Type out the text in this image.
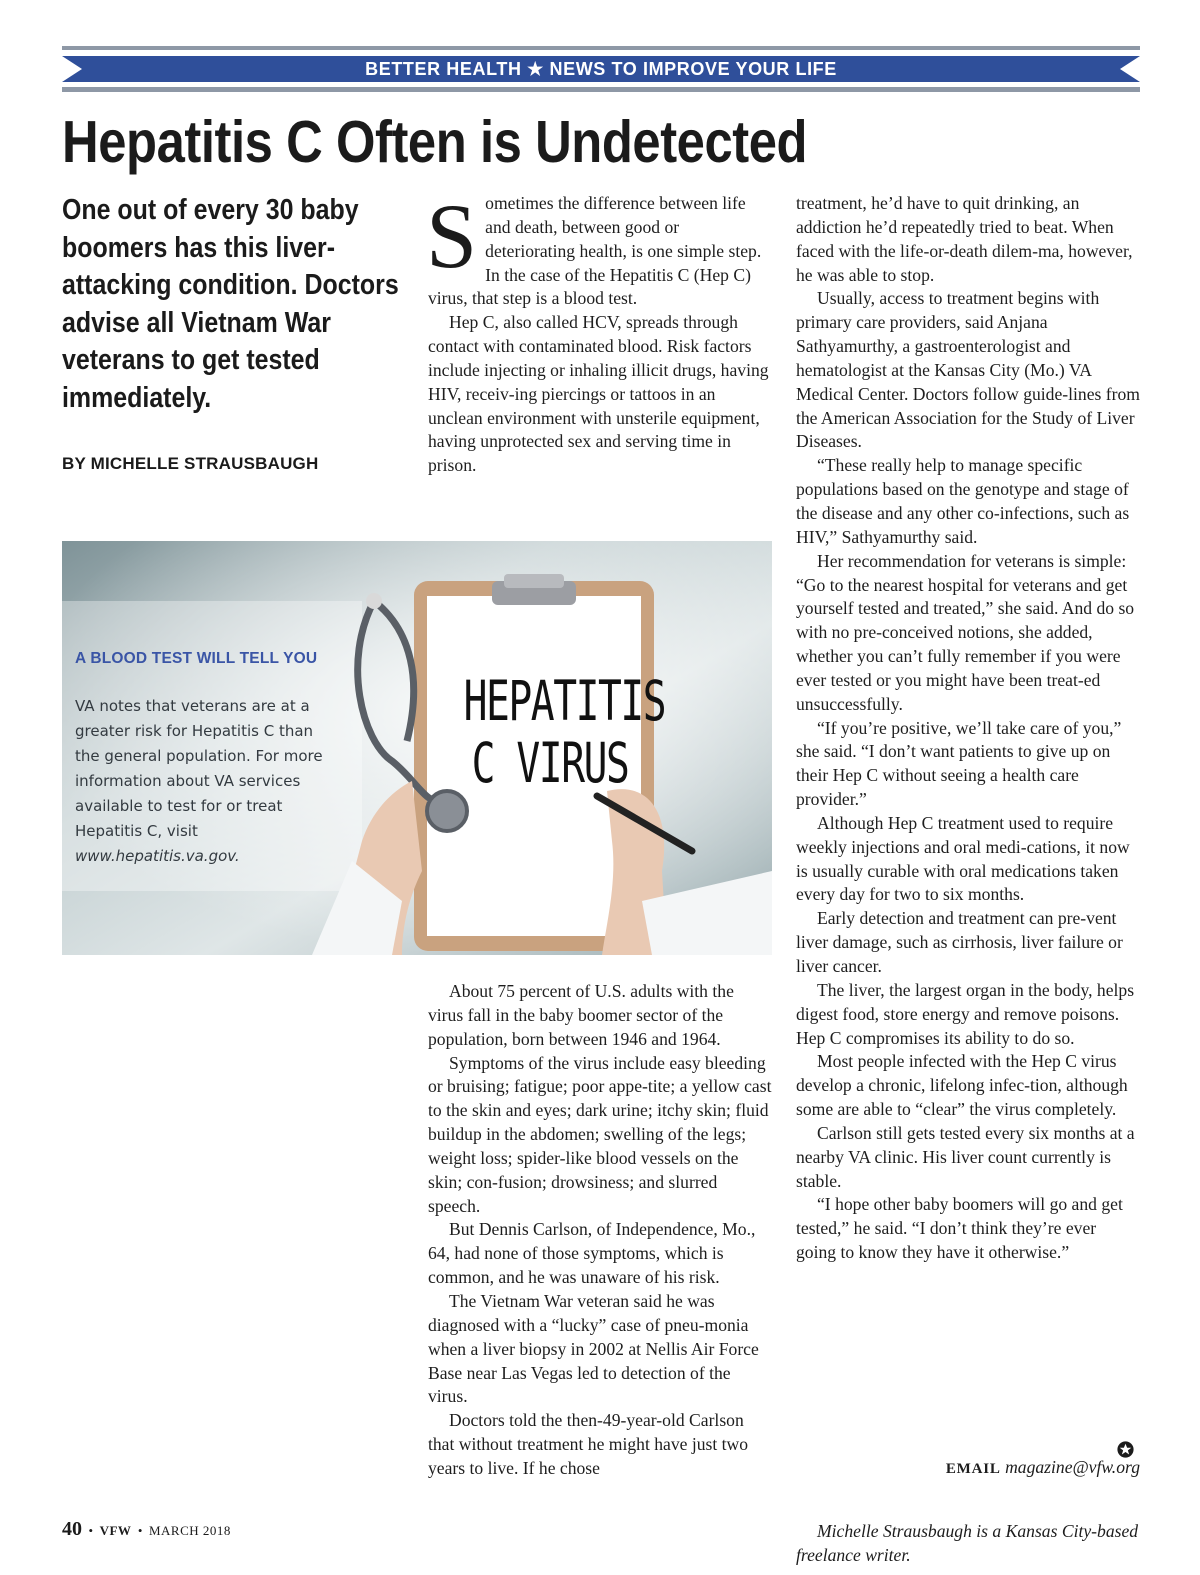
BETTER HEALTH ★ NEWS TO IMPROVE YOUR LIFE
Hepatitis C Often is Undetected
One out of every 30 baby boomers has this liver-attacking condition. Doctors advise all Vietnam War veterans to get tested immediately.
BY MICHELLE STRAUSBAUGH

Sometimes the difference between life and death, between good or deteriorating health, is one simple step. In the case of the Hepatitis C (Hep C) virus, that step is a blood test.

Hep C, also called HCV, spreads through contact with contaminated blood. Risk factors include injecting or inhaling illicit drugs, having HIV, receiv-ing piercings or tattoos in an unclean environment with unsterile equipment, having unprotected sex and serving time in prison.

HEPATITIS
C VIRUS
A BLOOD TEST WILL TELL YOU
VA notes that veterans are at a greater risk for Hepatitis C than the general population. For more information about VA services available to test for or treat Hepatitis C, visit www.hepatitis.va.gov.

About 75 percent of U.S. adults with the virus fall in the baby boomer sector of the population, born between 1946 and 1964.

Symptoms of the virus include easy bleeding or bruising; fatigue; poor appe-tite; a yellow cast to the skin and eyes; dark urine; itchy skin; fluid buildup in the abdomen; swelling of the legs; weight loss; spider-like blood vessels on the skin; con-fusion; drowsiness; and slurred speech.

But Dennis Carlson, of Independence, Mo., 64, had none of those symptoms, which is common, and he was unaware of his risk.

The Vietnam War veteran said he was diagnosed with a “lucky” case of pneu-monia when a liver biopsy in 2002 at Nellis Air Force Base near Las Vegas led to detection of the virus.

Doctors told the then-49-year-old Carlson that without treatment he might have just two years to live. If he chose

treatment, he’d have to quit drinking, an addiction he’d repeatedly tried to beat. When faced with the life-or-death dilem-ma, however, he was able to stop.

Usually, access to treatment begins with primary care providers, said Anjana Sathyamurthy, a gastroenterologist and hematologist at the Kansas City (Mo.) VA Medical Center. Doctors follow guide-lines from the American Association for the Study of Liver Diseases.

“These really help to manage specific populations based on the genotype and stage of the disease and any other co-infections, such as HIV,” Sathyamurthy said.

Her recommendation for veterans is simple: “Go to the nearest hospital for veterans and get yourself tested and treated,” she said. And do so with no pre-conceived notions, she added, whether you can’t fully remember if you were ever tested or you might have been treat-ed unsuccessfully.

“If you’re positive, we’ll take care of you,” she said. “I don’t want patients to give up on their Hep C without seeing a health care provider.”

Although Hep C treatment used to require weekly injections and oral medi-cations, it now is usually curable with oral medications taken every day for two to six months.

Early detection and treatment can pre-vent liver damage, such as cirrhosis, liver failure or liver cancer.

The liver, the largest organ in the body, helps digest food, store energy and remove poisons. Hep C compromises its ability to do so.

Most people infected with the Hep C virus develop a chronic, lifelong infec-tion, although some are able to “clear” the virus completely.

Carlson still gets tested every six months at a nearby VA clinic. His liver count currently is stable.

“I hope other baby boomers will go and get tested,” he said. “I don’t think they’re ever going to know they have it otherwise.”

EMAIL magazine@vfw.org

Michelle Strausbaugh is a Kansas City-based freelance writer.

40 • VFW • MARCH 2018
